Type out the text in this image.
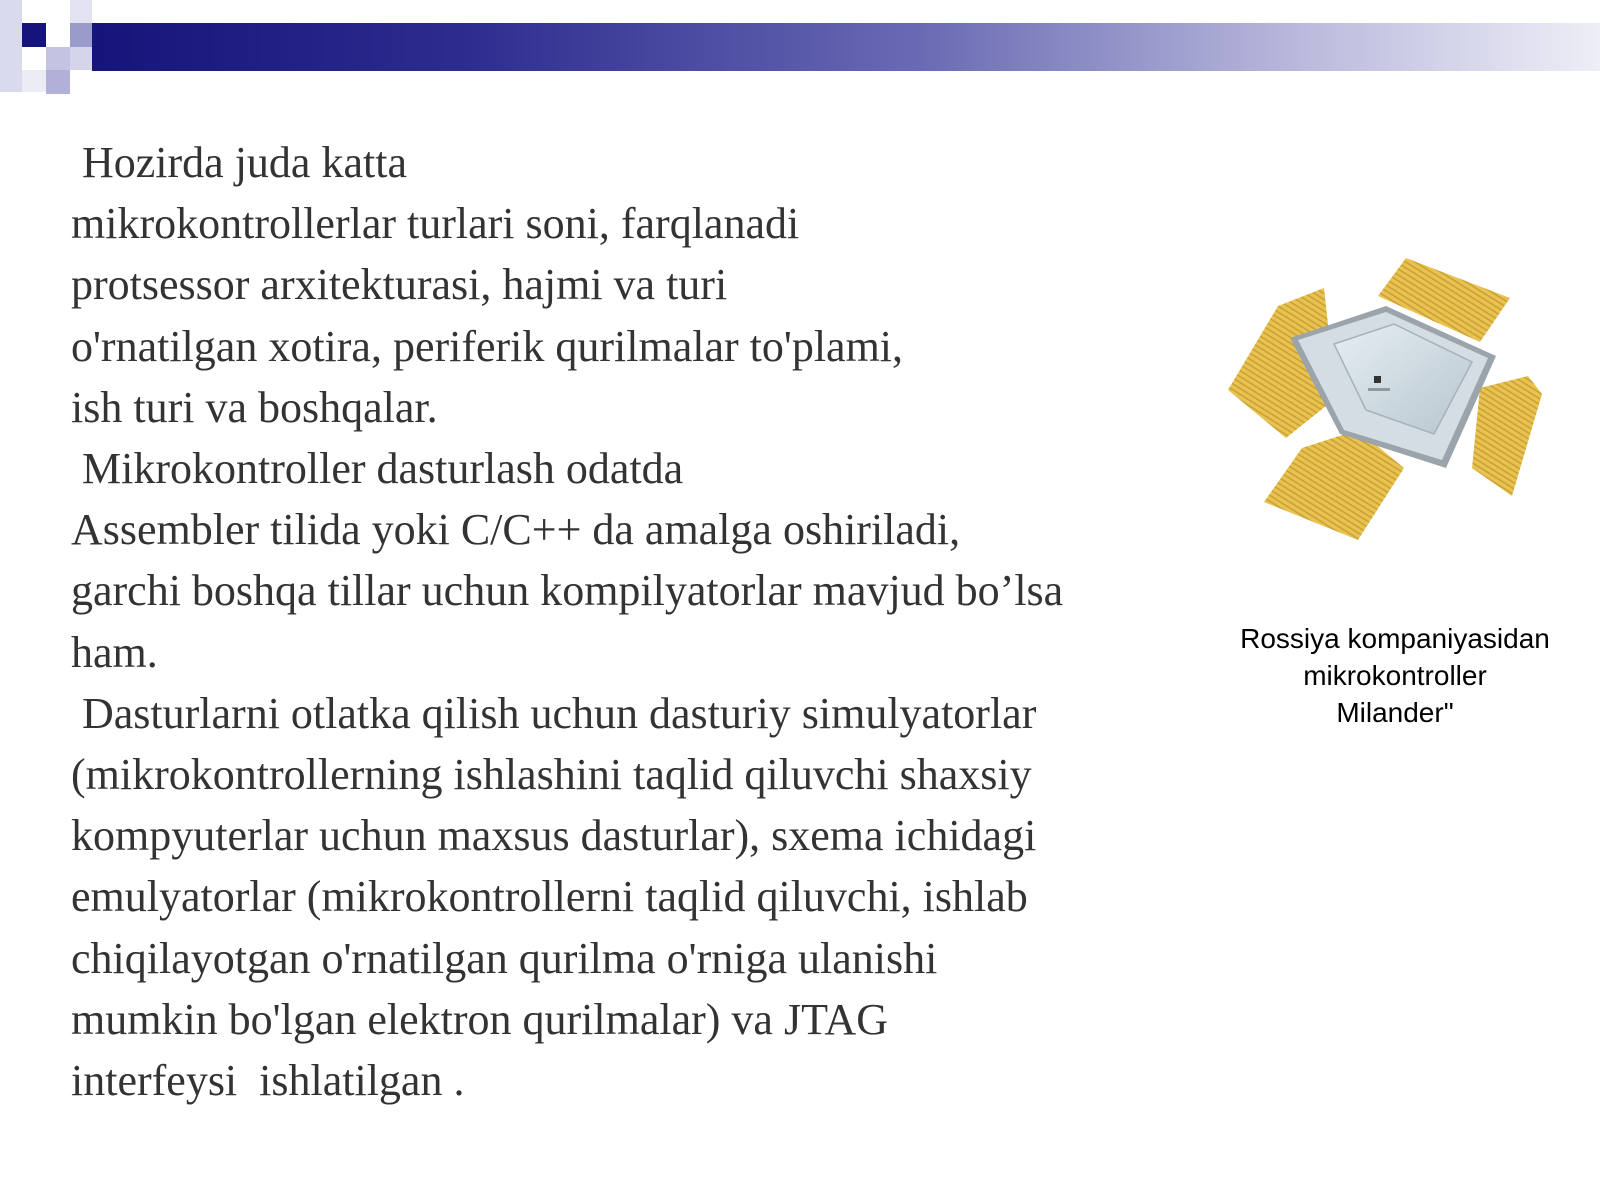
Hozirda juda katta
mikrokontrollerlar turlari soni, farqlanadi
protsessor arxitekturasi, hajmi va turi
o'rnatilgan xotira, periferik qurilmalar to'plami,
ish turi va boshqalar.
Mikrokontroller dasturlash odatda
Assembler tilida yoki C/C++ da amalga oshiriladi,
garchi boshqa tillar uchun kompilyatorlar mavjud bo’lsa
ham.
Dasturlarni otlatka qilish uchun dasturiy simulyatorlar
(mikrokontrollerning ishlashini taqlid qiluvchi shaxsiy
kompyuterlar uchun maxsus dasturlar), sxema ichidagi
emulyatorlar (mikrokontrollerni taqlid qiluvchi, ishlab
chiqilayotgan o'rnatilgan qurilma o'rniga ulanishi
mumkin bo'lgan elektron qurilmalar) va JTAG
interfeysi  ishlatilgan .
Rossiya kompaniyasidan
mikrokontroller
Milander"
